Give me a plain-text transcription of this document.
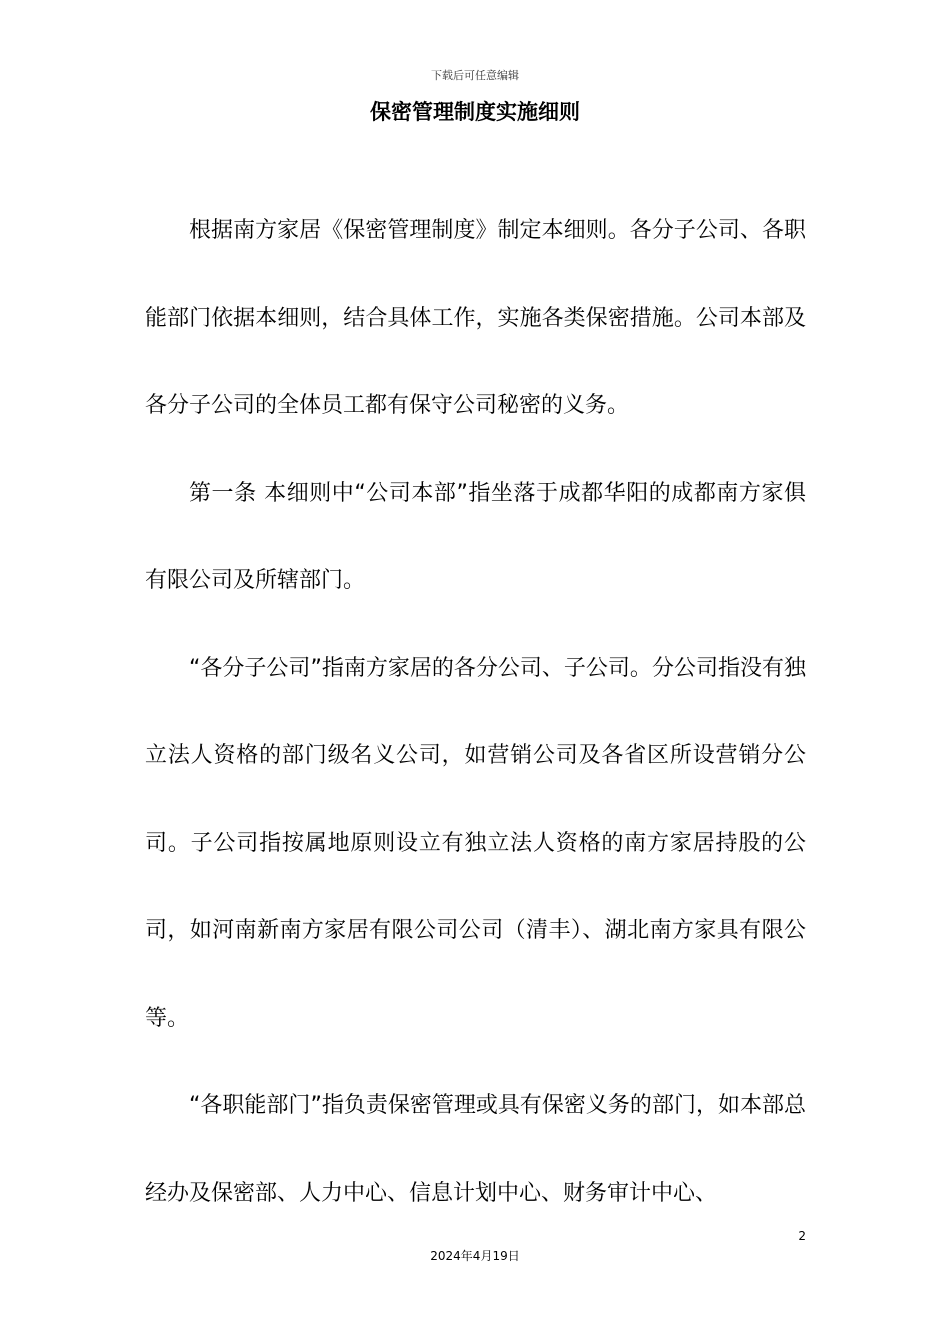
下载后可任意编辑
保密管理制度实施细则

根据南方家居《保密管理制度》制定本细则。各分子公司、各职能部门依据本细则，结合具体工作，实施各类保密措施。公司本部及各分子公司的全体员工都有保守公司秘密的义务。

第一条 本细则中“公司本部”指坐落于成都华阳的成都南方家俱有限公司及所辖部门。

“各分子公司”指南方家居的各分公司、子公司。分公司指没有独立法人资格的部门级名义公司，如营销公司及各省区所设营销分公司。子公司指按属地原则设立有独立法人资格的南方家居持股的公司，如河南新南方家居有限公司公司（清丰）、湖北南方家具有限公等。

“各职能部门”指负责保密管理或具有保密义务的部门，如本部总经办及保密部、人力中心、信息计划中心、财务审计中心、

2
2024年4月19日
